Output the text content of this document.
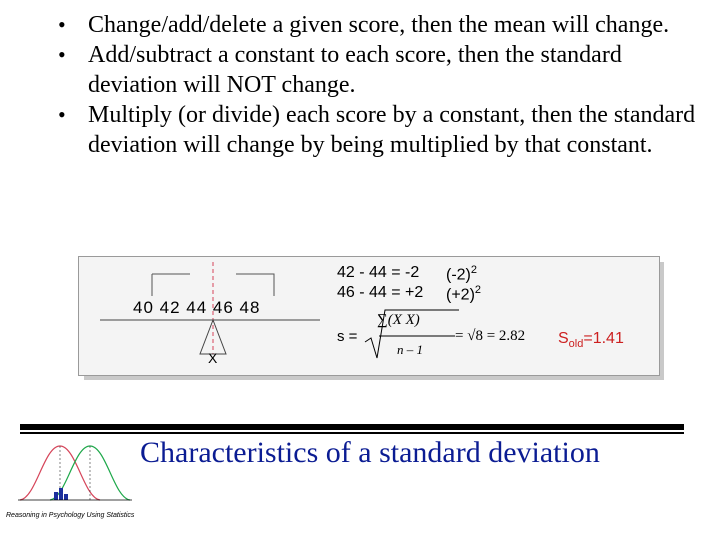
• Change/add/delete a given score, then the mean will change.
• Add/subtract a constant to each score, then the standard deviation will NOT change.
• Multiply (or divide) each score by a constant, then the standard deviation will change by being multiplied by that constant.
40 42 44 46 48
X
42 - 44 = -2
46 - 44 = +2
$(-2)^2$
$(+2)^2$
s =
∑(X X)
n – 1
= √8 = 2.82 $S_{old}=1.41$
Reasoning in Psychology Using Statistics
Characteristics of a standard deviation
